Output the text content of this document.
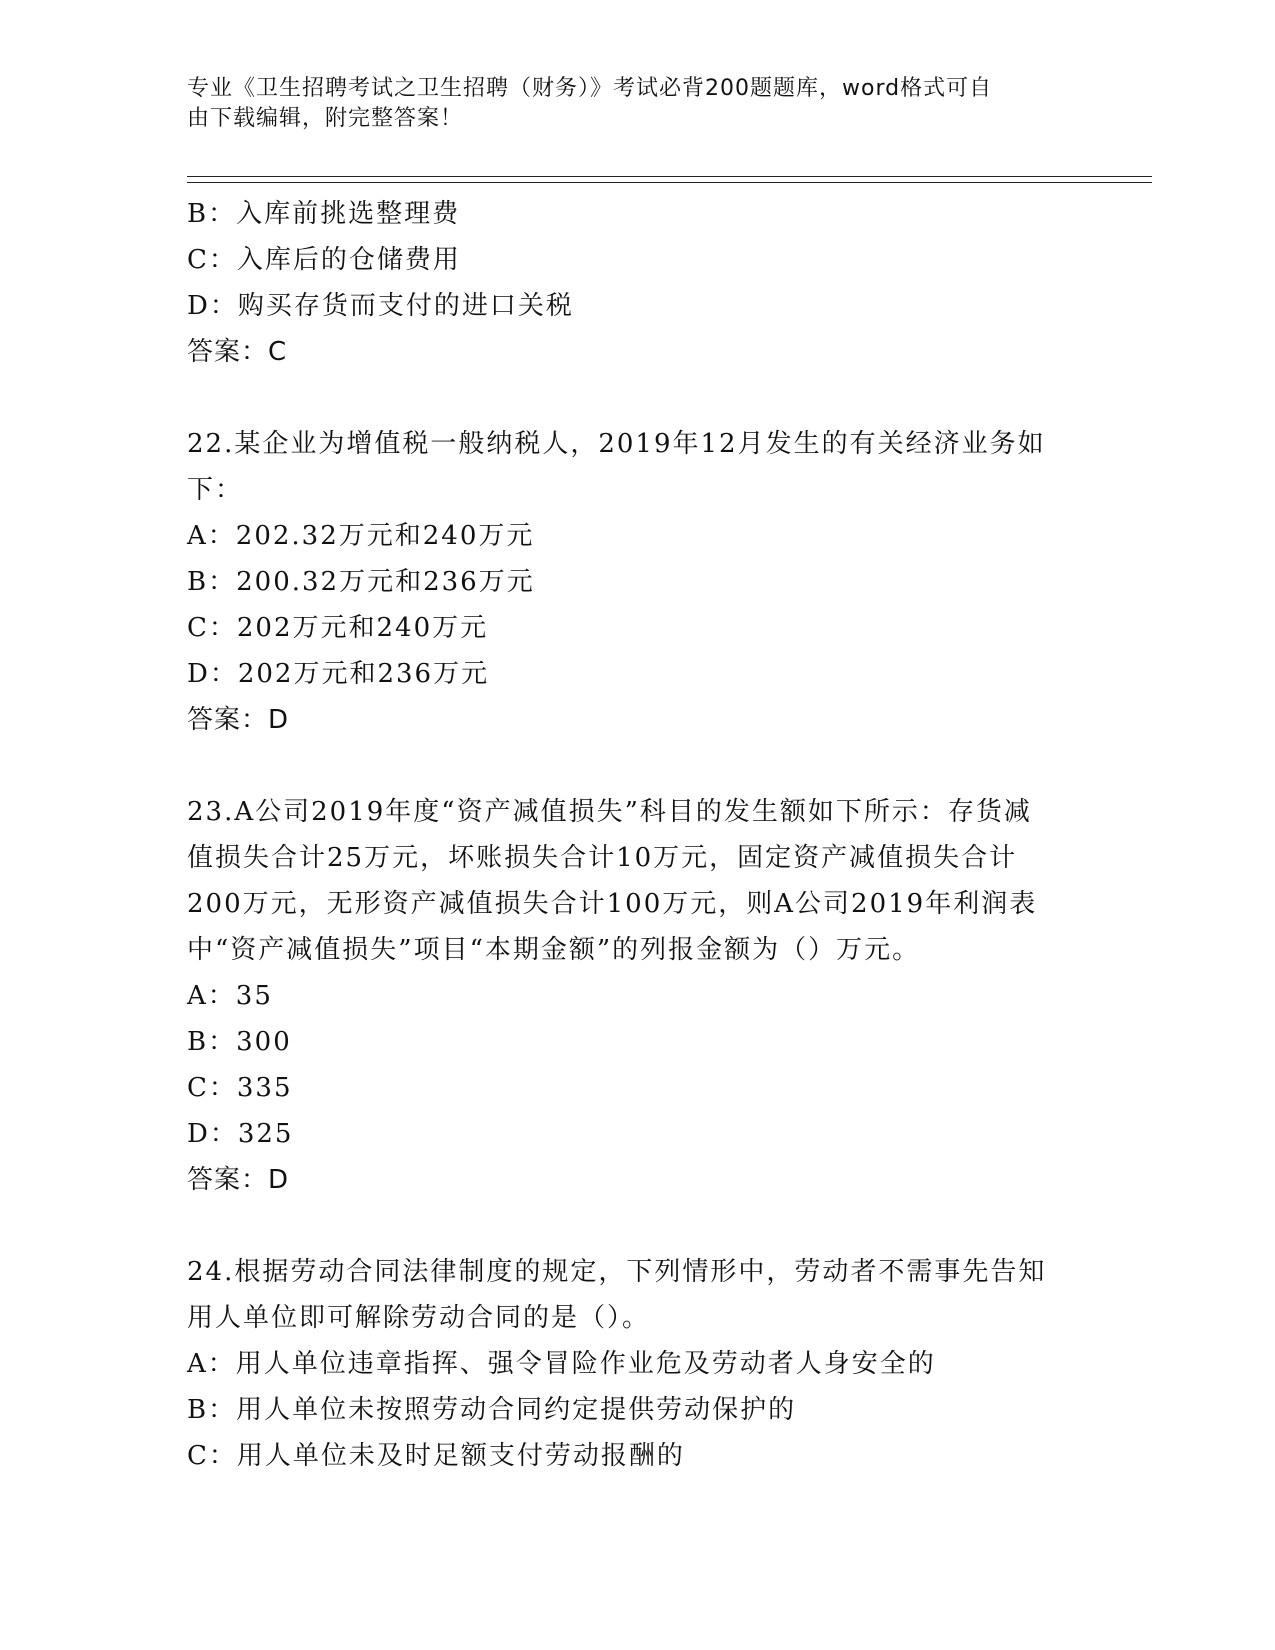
专业《卫生招聘考试之卫生招聘（财务）》考试必背200题题库，word格式可自
由下载编辑，附完整答案！
B：入库前挑选整理费
C：入库后的仓储费用
D：购买存货而支付的进口关税
答案：C
22.某企业为增值税一般纳税人，2019年12月发生的有关经济业务如
下：
A：202.32万元和240万元
B：200.32万元和236万元
C：202万元和240万元
D：202万元和236万元
答案：D
23.A公司2019年度“资产减值损失”科目的发生额如下所示：存货减
值损失合计25万元，坏账损失合计10万元，固定资产减值损失合计
200万元，无形资产减值损失合计100万元，则A公司2019年利润表
中“资产减值损失”项目“本期金额”的列报金额为（）万元。
A：35
B：300
C：335
D：325
答案：D
24.根据劳动合同法律制度的规定，下列情形中，劳动者不需事先告知
用人单位即可解除劳动合同的是（）。
A：用人单位违章指挥、强令冒险作业危及劳动者人身安全的
B：用人单位未按照劳动合同约定提供劳动保护的
C：用人单位未及时足额支付劳动报酬的
